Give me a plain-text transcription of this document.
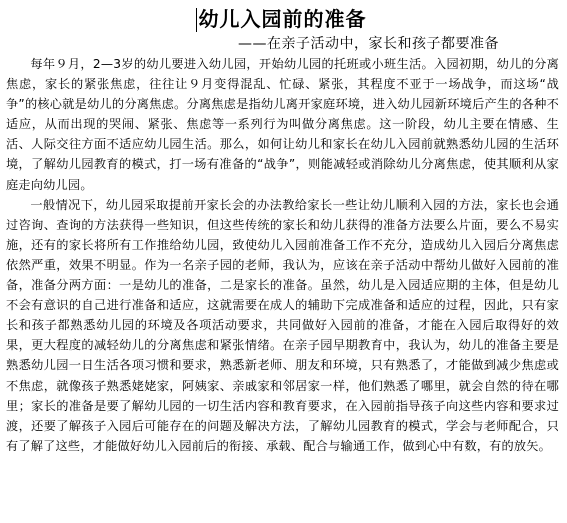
幼儿入园前的准备
——在亲子活动中，家长和孩子都要准备

每年９月，2—3岁的幼儿要进入幼儿园，开始幼儿园的托班或小班生活。入园初期，幼儿的分离焦虑，家长的紧张焦虑，往往让９月变得混乱、忙碌、紧张，其程度不亚于一场战争，而这场“战争”的核心就是幼儿的分离焦虑。分离焦虑是指幼儿离开家庭环境，进入幼儿园新环境后产生的各种不适应，从而出现的哭闹、紧张、焦虑等一系列行为叫做分离焦虑。这一阶段，幼儿主要在情感、生活、人际交往方面不适应幼儿园生活。那么，如何让幼儿和家长在幼儿入园前就熟悉幼儿园的生活环境，了解幼儿园教育的模式，打一场有准备的“战争”，则能减轻或消除幼儿分离焦虑，使其顺利从家庭走向幼儿园。

一般情况下，幼儿园采取提前开家长会的办法教给家长一些让幼儿顺利入园的方法，家长也会通过咨询、查询的方法获得一些知识，但这些传统的家长和幼儿获得的准备方法要么片面，要么不易实施，还有的家长将所有工作推给幼儿园，致使幼儿入园前准备工作不充分，造成幼儿入园后分离焦虑依然严重，效果不明显。作为一名亲子园的老师，我认为，应该在亲子活动中帮幼儿做好入园前的准备，准备分两方面：一是幼儿的准备，二是家长的准备。虽然，幼儿是入园适应期的主体，但是幼儿不会有意识的自己进行准备和适应，这就需要在成人的辅助下完成准备和适应的过程，因此，只有家长和孩子都熟悉幼儿园的环境及各项活动要求，共同做好入园前的准备，才能在入园后取得好的效果，更大程度的减轻幼儿的分离焦虑和紧张情绪。在亲子园早期教育中，我认为，幼儿的准备主要是熟悉幼儿园一日生活各项习惯和要求，熟悉新老师、朋友和环境，只有熟悉了，才能做到减少焦虑或不焦虑，就像孩子熟悉姥姥家，阿姨家、亲戚家和邻居家一样，他们熟悉了哪里，就会自然的待在哪里；家长的准备是要了解幼儿园的一切生活内容和教育要求，在入园前指导孩子向这些内容和要求过渡，还要了解孩子入园后可能存在的问题及解决方法，了解幼儿园教育的模式，学会与老师配合，只有了解了这些，才能做好幼儿入园前后的衔接、承载、配合与输通工作，做到心中有数，有的放矢。
